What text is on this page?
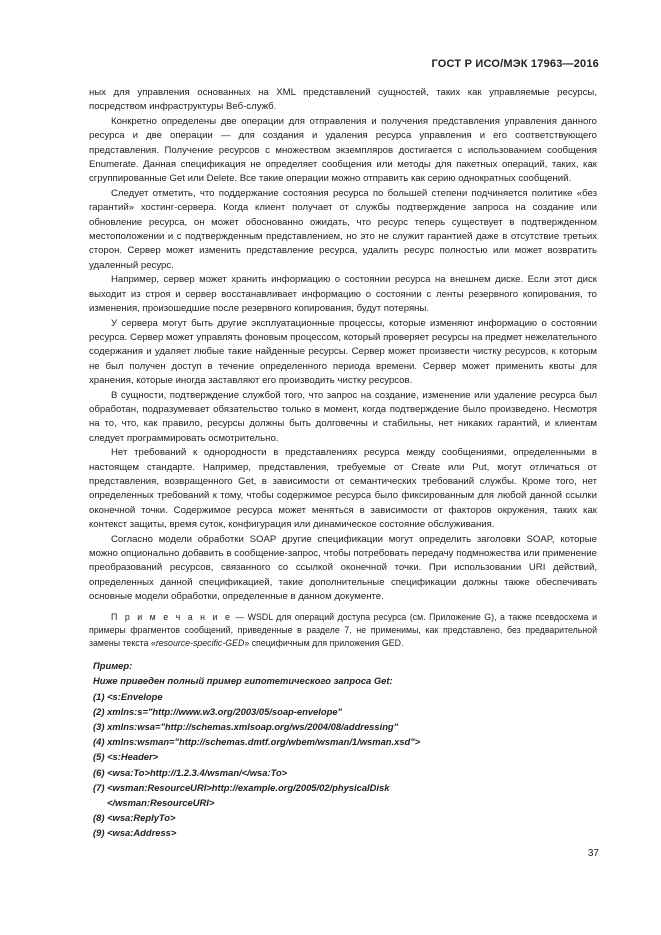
ГОСТ Р ИСО/МЭК 17963—2016

ных для управления основанных на XML представлений сущностей, таких как управляемые ресурсы, посредством инфраструктуры Веб-служб.

Конкретно определены две операции для отправления и получения представления управления данного ресурса и две операции — для создания и удаления ресурса управления и его соответствующего представления. Получение ресурсов с множеством экземпляров достигается с использованием сообщения Enumerate. Данная спецификация не определяет сообщения или методы для пакетных операций, таких, как сгруппированные Get или Delete. Все такие операции можно отправить как серию однократных сообщений.

Следует отметить, что поддержание состояния ресурса по большей степени подчиняется политике «без гарантий» хостинг-сервера. Когда клиент получает от службы подтверждение запроса на создание или обновление ресурса, он может обоснованно ожидать, что ресурс теперь существует в подтвержденном местоположении и с подтвержденным представлением, но это не служит гарантией даже в отсутствие третьих сторон. Сервер может изменить представление ресурса, удалить ресурс полностью или может возвратить удаленный ресурс.

Например, сервер может хранить информацию о состоянии ресурса на внешнем диске. Если этот диск выходит из строя и сервер восстанавливает информацию о состоянии с ленты резервного копирования, то изменения, произошедшие после резервного копирования, будут потеряны.

У сервера могут быть другие эксплуатационные процессы, которые изменяют информацию о состоянии ресурса. Сервер может управлять фоновым процессом, который проверяет ресурсы на предмет нежелательного содержания и удаляет любые такие найденные ресурсы. Сервер может произвести чистку ресурсов, к которым не был получен доступ в течение определенного периода времени. Сервер может применить квоты для хранения, которые иногда заставляют его производить чистку ресурсов.

В сущности, подтверждение службой того, что запрос на создание, изменение или удаление ресурса был обработан, подразумевает обязательство только в момент, когда подтверждение было произведено. Несмотря на то, что, как правило, ресурсы должны быть долговечны и стабильны, нет никаких гарантий, и клиентам следует программировать осмотрительно.

Нет требований к однородности в представлениях ресурса между сообщениями, определенными в настоящем стандарте. Например, представления, требуемые от Create или Put, могут отличаться от представления, возвращенного Get, в зависимости от семантических требований службы. Кроме того, нет определенных требований к тому, чтобы содержимое ресурса было фиксированным для любой данной ссылки оконечной точки. Содержимое ресурса может меняться в зависимости от факторов окружения, таких как контекст защиты, время суток, конфигурация или динамическое состояние обслуживания.

Согласно модели обработки SOAP другие спецификации могут определить заголовки SOAP, которые можно опционально добавить в сообщение-запрос, чтобы потребовать передачу подмножества или применение преобразований ресурсов, связанного со ссылкой оконечной точки. При использовании URI действий, определенных данной спецификацией, такие дополнительные спецификации должны также обеспечивать основные модели обработки, определенные в данном документе.

П р и м е ч а н и е — WSDL для операций доступа ресурса (см. Приложение G), а также псевдосхема и примеры фрагментов сообщений, приведенные в разделе 7, не применимы, как представлено, без предварительной замены текста «resource-specific-GED» специфичным для приложения GED.

Пример:
Ниже приведен полный пример гипотетического запроса Get:
(1) <s:Envelope
(2) xmlns:s="http://www.w3.org/2003/05/soap-envelope"
(3) xmlns:wsa="http://schemas.xmlsoap.org/ws/2004/08/addressing"
(4) xmlns:wsman="http://schemas.dmtf.org/wbem/wsman/1/wsman.xsd">
(5) <s:Header>
(6) <wsa:To>http://1.2.3.4/wsman/</wsa:To>
(7) <wsman:ResourceURI>http://example.org/2005/02/physicalDisk
</wsman:ResourceURI>
(8) <wsa:ReplyTo>
(9) <wsa:Address>
37
